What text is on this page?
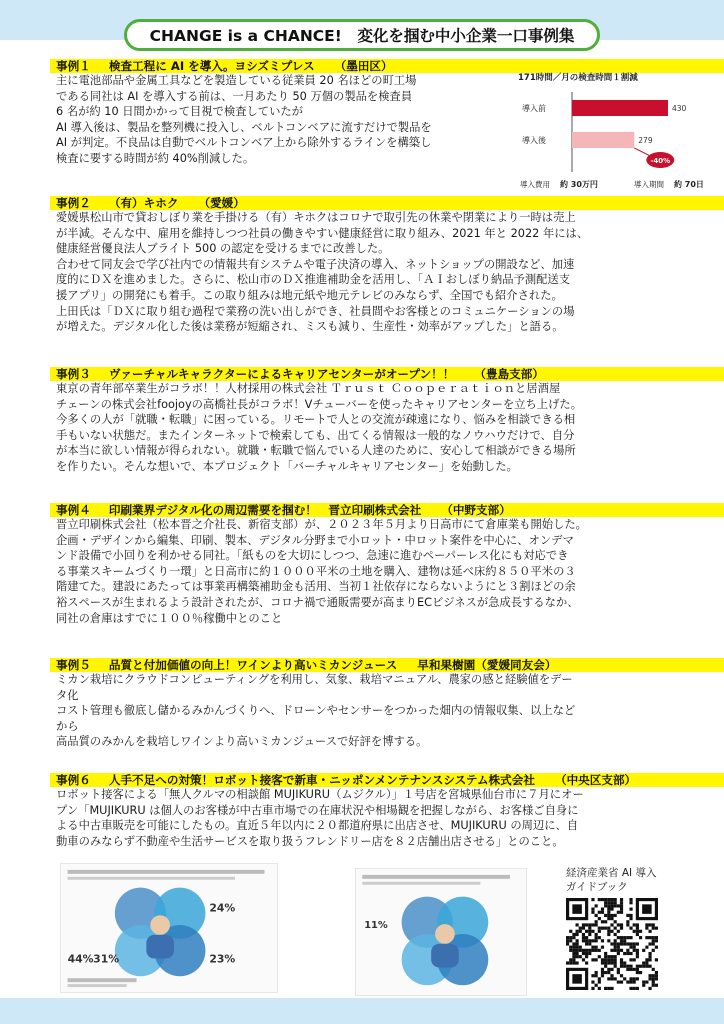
CHANGE is a CHANCE!　変化を掴む中小企業一口事例集
事例１ 検査工程に AI を導入。ヨシズミプレス （墨田区）

主に電池部品や金属工具などを製造している従業員 20 名ほどの町工場

である同社は AI を導入する前は、一月あたり 50 万個の製品を検査員

6 名が約 10 日間かかって目視で検査していたが

AI 導入後は、製品を整列機に投入し、ベルトコンベアに流すだけで製品を

AI が判定。不良品は自動でベルトコンベア上から除外するラインを構築し

検査に要する時間が約 40%削減した。

171時間／月の検査時間１割減
導入前	430
導入後	279
-40%
導入費用 約 30万円	導入期間 約 70日
事例２ （有）キホク （愛媛）

愛媛県松山市で貸おしぼり業を手掛ける（有）キホクはコロナで取引先の休業や閉業により一時は売上

が半減。そんな中、雇用を維持しつつ社員の働きやすい健康経営に取り組み、2021 年と 2022 年には、

健康経営優良法人ブライト 500 の認定を受けるまでに改善した。

合わせて同友会で学び社内での情報共有システムや電子決済の導入、ネットショップの開設など、加速

度的にＤＸを進めました。さらに、松山市のＤＸ推進補助金を活用し、「ＡＩおしぼり納品予測配送支

援アプリ」の開発にも着手。この取り組みは地元紙や地元テレビのみならず、全国でも紹介された。

上田氏は「ＤＸに取り組む過程で業務の洗い出しができ、社員間やお客様とのコミュニケーションの場

が増えた。デジタル化した後は業務が短縮され、ミスも減り、生産性・効率がアップした」と語る。

事例３ ヴァーチャルキャラクターによるキャリアセンターがオープン！！ （豊島支部）

東京の青年部卒業生がコラボ！！人材採用の株式会社 Ｔｒｕｓｔ Ｃｏｏｐｅｒａｔｉｏｎと居酒屋

チェーンの株式会社foojoyの高橋社長がコラボ！Vチューバーを使ったキャリアセンターを立ち上げた。

今多くの人が「就職・転職」に困っている。リモートで人との交流が疎遠になり、悩みを相談できる相

手もいない状態だ。またインターネットで検索しても、出てくる情報は一般的なノウハウだけで、自分

が本当に欲しい情報が得られない。就職・転職で悩んでいる人達のために、安心して相談ができる場所

を作りたい。そんな想いで、本プロジェクト「バーチャルキャリアセンター」を始動した。

事例４ 印刷業界デジタル化の周辺需要を掴む！　晋立印刷株式会社 （中野支部）

晋立印刷株式会社（松本晋之介社長、新宿支部）が、２０２３年５月より日高市にて倉庫業も開始した。

企画・デザインから編集、印刷、製本、デジタル分野まで小ロット・中ロット案件を中心に、オンデマ

ンド設備で小回りを利かせる同社。「紙ものを大切にしつつ、急速に進むペーパーレス化にも対応でき

る事業スキームづくり一環」と日高市に約１０００平米の土地を購入、建物は延べ床約８５０平米の３

階建てた。建設にあたっては事業再構築補助金も活用、当初１社依存にならないようにと３割ほどの余

裕スペースが生まれるよう設計されたが、コロナ禍で通販需要が高まりECビジネスが急成長するなか、

同社の倉庫はすでに１００％稼働中とのこと

事例５ 品質と付加価値の向上！ワインより高いミカンジュース 早和果樹園（愛媛同友会）

ミカン栽培にクラウドコンピューティングを利用し、気象、栽培マニュアル、農家の感と経験値をデー

タ化

コスト管理も徹底し儲かるみかんづくりへ、ドローンやセンサーをつかった畑内の情報収集、以上など

から

高品質のみかんを栽培しワインより高いミカンジュースで好評を博する。

事例６ 人手不足への対策！ロボット接客で新車・ニッポンメンテナンスシステム株式会社 （中央区支部）

ロボット接客による「無人クルマの相談館 MUJIKURU（ムジクル）」１号店を宮城県仙台市に７月にオー

プン「MUJIKURU は個人のお客様が中古車市場での在庫状況や相場観を把握しながら、お客様ご自身に

よる中古車販売を可能にしたもの。直近５年以内に２０都道府県に出店させ、MUJIKURU の周辺に、自

動車のみならず不動産や生活サービスを取り扱うフレンドリー店を８２店舗出店させる」とのこと。

24%
44% 31%	23%
11%
経済産業省 AI 導入
ガイドブック
